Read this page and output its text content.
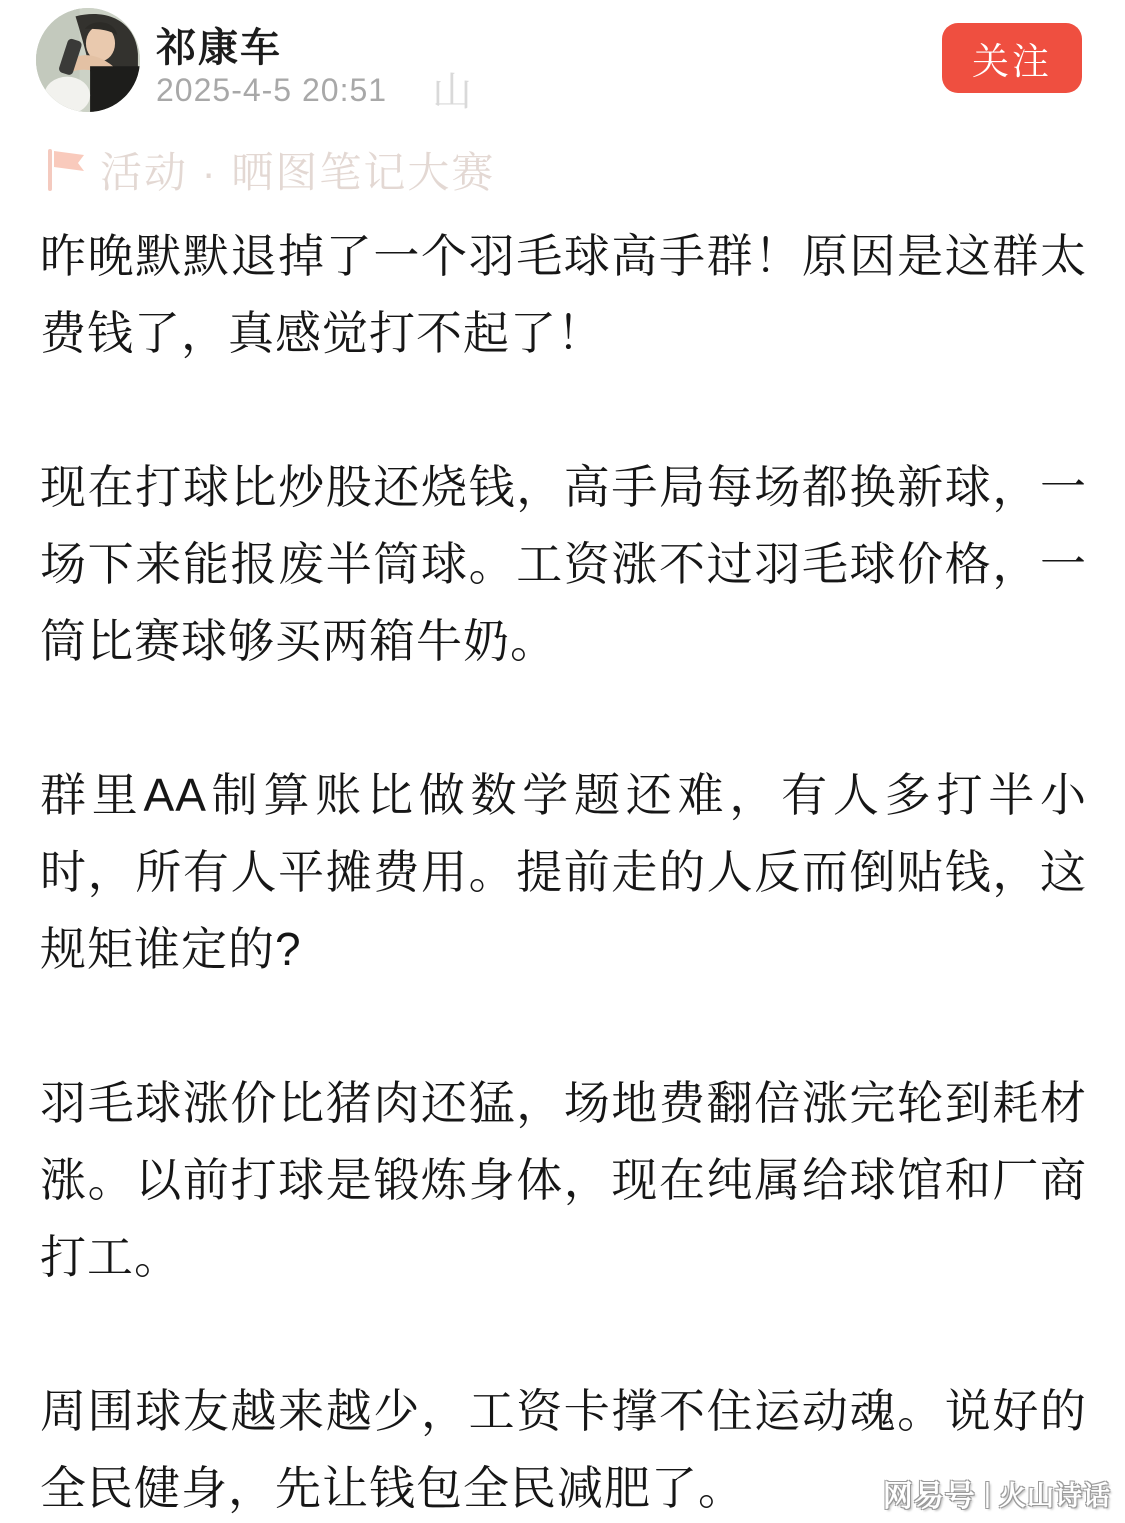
祁康车
2025-4-5 20:51 山
关注
活动 · 晒图笔记大赛

昨晚默默退掉了一个羽毛球高手群！原因是这群太费钱了，真感觉打不起了！

现在打球比炒股还烧钱，高手局每场都换新球，一场下来能报废半筒球。工资涨不过羽毛球价格，一筒比赛球够买两箱牛奶。

群里AA制算账比做数学题还难，有人多打半小时，所有人平摊费用。提前走的人反而倒贴钱，这规矩谁定的?

羽毛球涨价比猪肉还猛，场地费翻倍涨完轮到耗材涨。以前打球是锻炼身体，现在纯属给球馆和厂商打工。

周围球友越来越少，工资卡撑不住运动魂。说好的全民健身，先让钱包全民减肥了。	网易号 | 火山诗话
